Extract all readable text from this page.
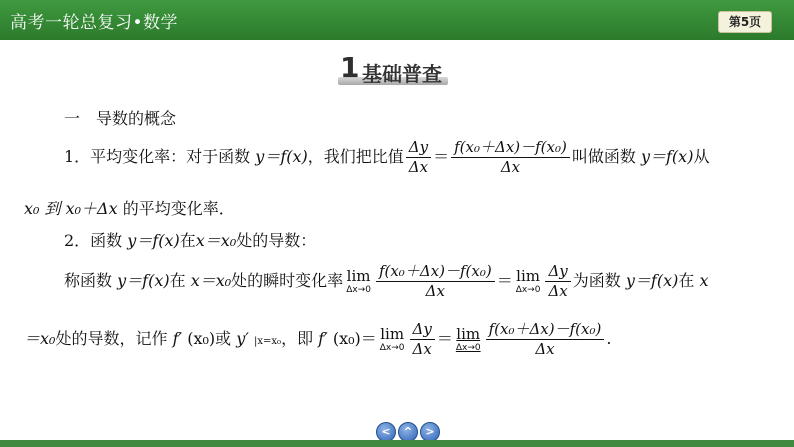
高考一轮总复习•数学	第5页
1 基础普查
一　导数的概念
1．平均变化率：对于函数 y＝f(x)，我们把比值 $\frac{\Delta y}{\Delta x} = \frac{\text{f(x₀＋Δx)－f(x₀)}}{\Delta x}$ 叫做函数 y＝f(x)从
x₀ 到 x₀＋Δx 的平均变化率．
2．函数 y＝f(x)在x＝x₀处的导数：
称函数 y＝f(x)在 x＝x₀处的瞬时变化率 lim
$\Delta x\to 0 \frac{\text{f(x₀＋Δx)－f(x₀)}}{\Delta x} = \lim$
$\Delta x\to 0 \frac{\Delta y}{\Delta x}$ 为函数 y＝f(x)在 x
＝x₀处的导数，记作 f′ (x₀)或 y′ |x=x₀，即 f′ (x₀)＝ lim
$\Delta x\to 0 \frac{\Delta y}{\Delta x} = \lim$
$\Delta x\to 0 \frac{\text{f(x₀＋Δx)－f(x₀)}}{\Delta x}$ .
<	^	>
